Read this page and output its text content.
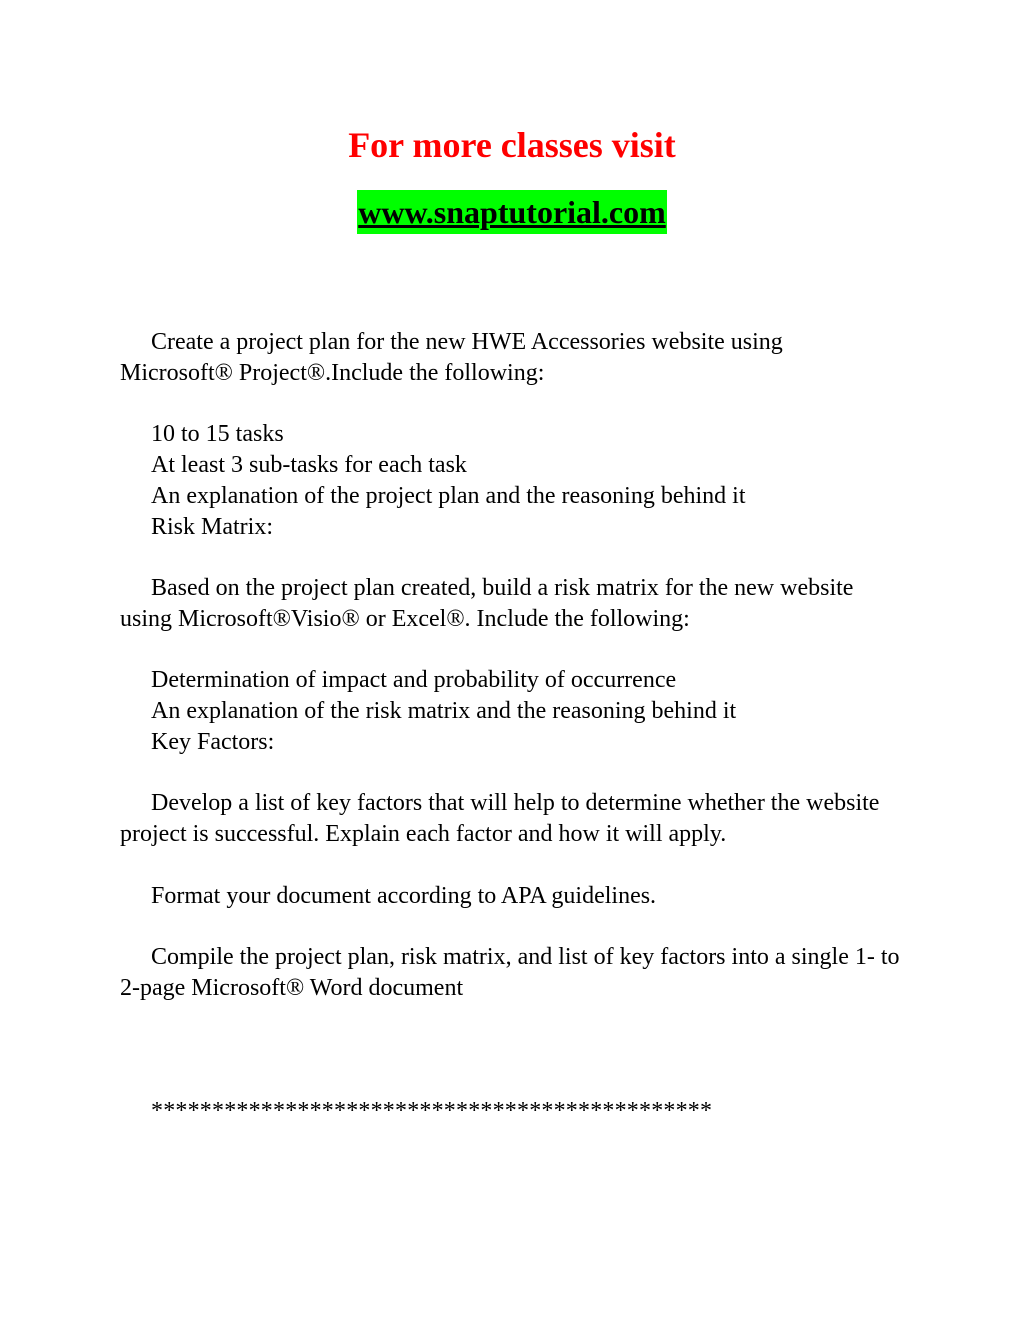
For more classes visit
www.snaptutorial.com

Create a project plan for the new HWE Accessories website using Microsoft® Project®.Include the following:

10 to 15 tasks

At least 3 sub-tasks for each task

An explanation of the project plan and the reasoning behind it

Risk Matrix:

Based on the project plan created, build a risk matrix for the new website using Microsoft®Visio® or Excel®. Include the following:

Determination of impact and probability of occurrence

An explanation of the risk matrix and the reasoning behind it

Key Factors:

Develop a list of key factors that will help to determine whether the website project is successful. Explain each factor and how it will apply.

Format your document according to APA guidelines.

Compile the project plan, risk matrix, and list of key factors into a single 1- to 2-page Microsoft® Word document

**********************************************
